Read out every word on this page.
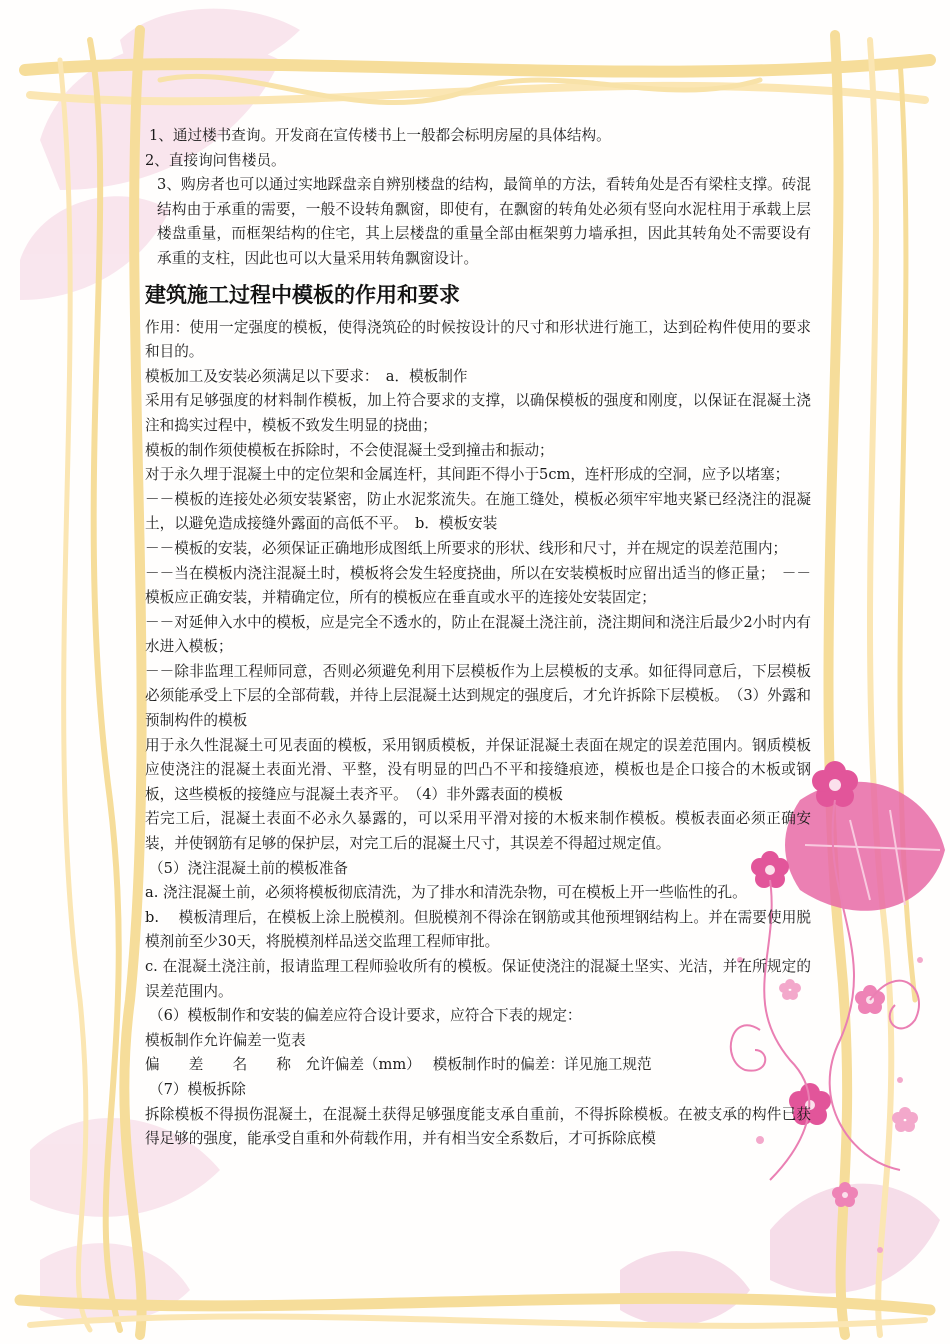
1、通过楼书查询。开发商在宣传楼书上一般都会标明房屋的具体结构。

2、直接询问售楼员。

3、购房者也可以通过实地踩盘亲自辨别楼盘的结构，最简单的方法，看转角处是否有梁柱支撑。砖混结构由于承重的需要，一般不设转角飘窗，即使有，在飘窗的转角处必须有竖向水泥柱用于承载上层楼盘重量，而框架结构的住宅，其上层楼盘的重量全部由框架剪力墙承担，因此其转角处不需要设有承重的支柱，因此也可以大量采用转角飘窗设计。

建筑施工过程中模板的作用和要求

作用：使用一定强度的模板，使得浇筑砼的时候按设计的尺寸和形状进行施工，达到砼构件使用的要求和目的。

模板加工及安装必须满足以下要求：　a．模板制作

采用有足够强度的材料制作模板，加上符合要求的支撑，以确保模板的强度和刚度，以保证在混凝土浇注和捣实过程中，模板不致发生明显的挠曲；

模板的制作须使模板在拆除时，不会使混凝土受到撞击和振动；

对于永久埋于混凝土中的定位架和金属连杆，其间距不得小于5cm，连杆形成的空洞，应予以堵塞；

－－模板的连接处必须安装紧密，防止水泥浆流失。在施工缝处，模板必须牢牢地夹紧已经浇注的混凝土，以避免造成接缝外露面的高低不平。　b．模板安装

－－模板的安装，必须保证正确地形成图纸上所要求的形状、线形和尺寸，并在规定的误差范围内；

－－当在模板内浇注混凝土时，模板将会发生轻度挠曲，所以在安装模板时应留出适当的修正量；　－－模板应正确安装，并精确定位，所有的模板应在垂直或水平的连接处安装固定；

－－对延伸入水中的模板，应是完全不透水的，防止在混凝土浇注前，浇注期间和浇注后最少2小时内有水进入模板；

－－除非监理工程师同意，否则必须避免利用下层模板作为上层模板的支承。如征得同意后，下层模板必须能承受上下层的全部荷载，并待上层混凝土达到规定的强度后，才允许拆除下层模板。　（3）外露和预制构件的模板

用于永久性混凝土可见表面的模板，采用钢质模板，并保证混凝土表面在规定的误差范围内。钢质模板应使浇注的混凝土表面光滑、平整，没有明显的凹凸不平和接缝痕迹，模板也是企口接合的木板或钢板，这些模板的接缝应与混凝土表齐平。　（4）非外露表面的模板

若完工后，混凝土表面不必永久暴露的，可以采用平滑对接的木板来制作模板。模板表面必须正确安装，并使钢筋有足够的保护层，对完工后的混凝土尺寸，其误差不得超过规定值。

（5）浇注混凝土前的模板准备

a. 浇注混凝土前，必须将模板彻底清洗，为了排水和清洗杂物，可在模板上开一些临性的孔。

b.　 模板清理后，在模板上涂上脱模剂。但脱模剂不得涂在钢筋或其他预埋钢结构上。并在需要使用脱模剂前至少30天，将脱模剂样品送交监理工程师审批。

c. 在混凝土浇注前，报请监理工程师验收所有的模板。保证使浇注的混凝土坚实、光洁，并在所规定的误差范围内。

（6）模板制作和安装的偏差应符合设计要求，应符合下表的规定：

模板制作允许偏差一览表

偏　　差　　名　　称　允许偏差（mm）　 模板制作时的偏差：详见施工规范

（7）模板拆除

拆除模板不得损伤混凝土，在混凝土获得足够强度能支承自重前，不得拆除模板。在被支承的构件已获得足够的强度，能承受自重和外荷载作用，并有相当安全系数后，才可拆除底模
